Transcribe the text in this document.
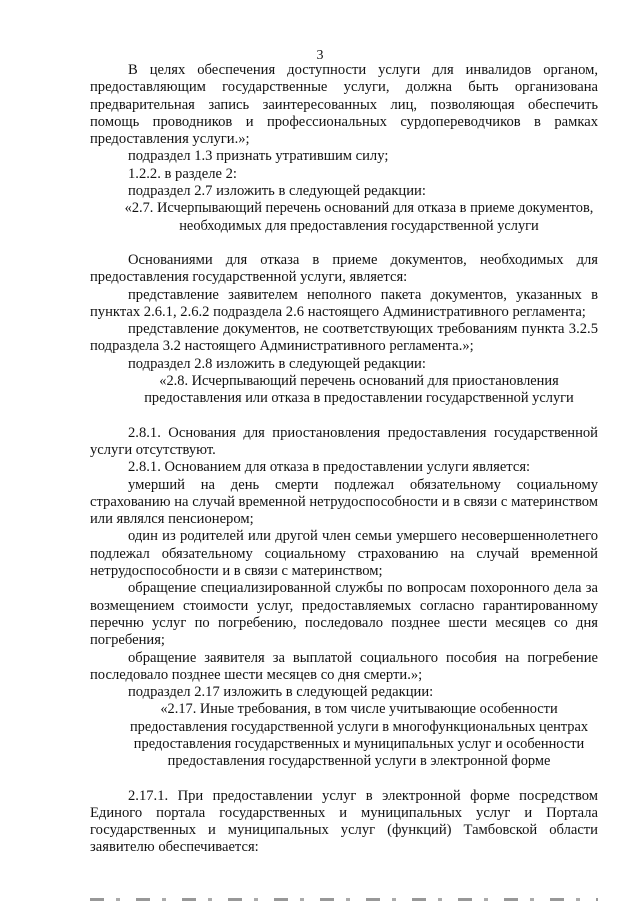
3
В целях обеспечения доступности услуги для инвалидов органом, предоставляющим государственные услуги, должна быть организована предварительная запись заинтересованных лиц, позволяющая обеспечить помощь проводников и профессиональных сурдопереводчиков в рамках предоставления услуги.»;
подраздел 1.3 признать утратившим силу;
1.2.2. в разделе 2:
подраздел 2.7 изложить в следующей редакции:
«2.7. Исчерпывающий перечень оснований для отказа в приеме документов, необходимых для предоставления государственной услуги
Основаниями для отказа в приеме документов, необходимых для предоставления государственной услуги, является:
представление заявителем неполного пакета документов, указанных в пунктах 2.6.1, 2.6.2 подраздела 2.6 настоящего Административного регламента;
представление документов, не соответствующих требованиям пункта 3.2.5 подраздела 3.2 настоящего Административного регламента.»;
подраздел 2.8 изложить в следующей редакции:
«2.8. Исчерпывающий перечень оснований для приостановления предоставления или отказа в предоставлении государственной услуги
2.8.1. Основания для приостановления предоставления государственной услуги отсутствуют.
2.8.1. Основанием для отказа в предоставлении услуги является:
умерший на день смерти подлежал обязательному социальному страхованию на случай временной нетрудоспособности и в связи с материнством или являлся пенсионером;
один из родителей или другой член семьи умершего несовершеннолетнего подлежал обязательному социальному страхованию на случай временной нетрудоспособности и в связи с материнством;
обращение специализированной службы по вопросам похоронного дела за возмещением стоимости услуг, предоставляемых согласно гарантированному перечню услуг по погребению, последовало позднее шести месяцев со дня погребения;
обращение заявителя за выплатой социального пособия на погребение последовало позднее шести месяцев со дня смерти.»;
подраздел 2.17 изложить в следующей редакции:
«2.17. Иные требования, в том числе учитывающие особенности предоставления государственной услуги в многофункциональных центрах предоставления государственных и муниципальных услуг и особенности предоставления государственной услуги в электронной форме
2.17.1. При предоставлении услуг в электронной форме посредством Единого портала государственных и муниципальных услуг и Портала государственных и муниципальных услуг (функций) Тамбовской области заявителю обеспечивается:
